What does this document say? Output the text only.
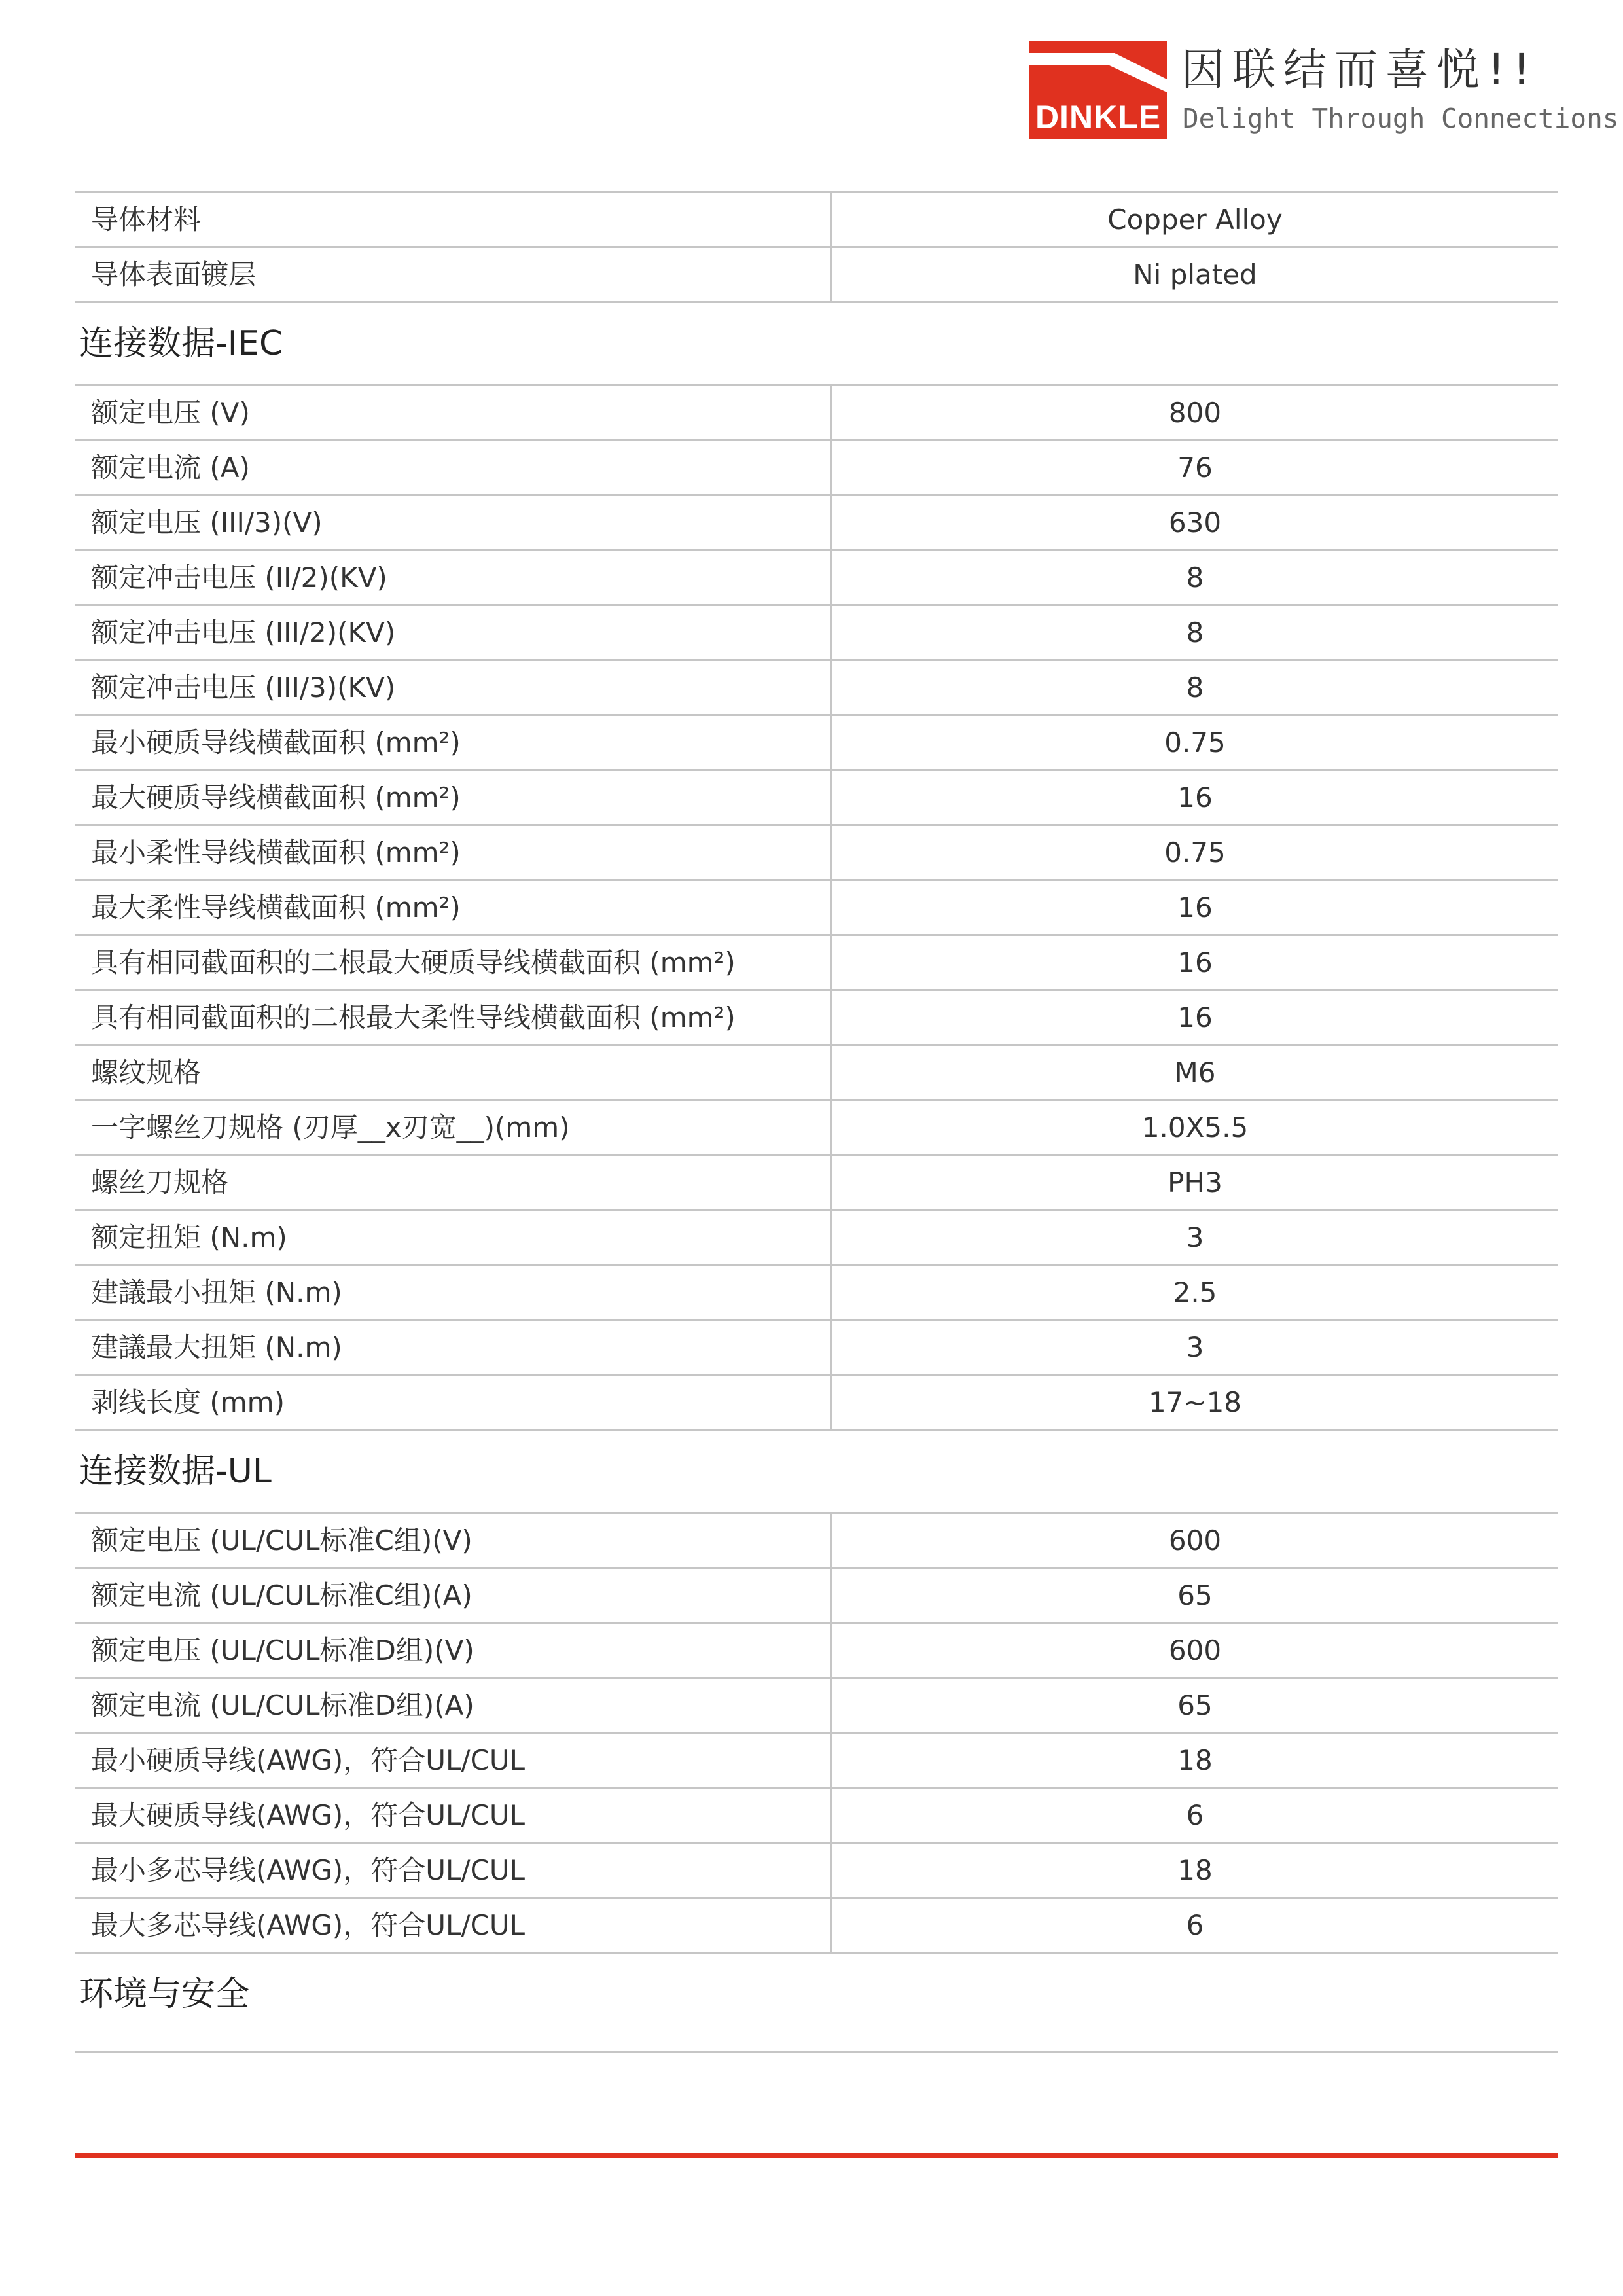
DINKLE
因联结而喜悦!!
Delight Through Connections
导体材料	Copper Alloy
导体表面镀层	Ni plated
连接数据-IEC
额定电压 (V)	800
额定电流 (A)	76
额定电压 (III/3)(V)	630
额定冲击电压 (II/2)(KV)	8
额定冲击电压 (III/2)(KV)	8
额定冲击电压 (III/3)(KV)	8
最小硬质导线横截面积 (mm²)	0.75
最大硬质导线横截面积 (mm²)	16
最小柔性导线横截面积 (mm²)	0.75
最大柔性导线横截面积 (mm²)	16
具有相同截面积的二根最大硬质导线横截面积 (mm²)	16
具有相同截面积的二根最大柔性导线横截面积 (mm²)	16
螺纹规格	M6
一字螺丝刀规格 (刃厚__x刃宽__)(mm)	1.0X5.5
螺丝刀规格	PH3
额定扭矩 (N.m)	3
建議最小扭矩 (N.m)	2.5
建議最大扭矩 (N.m)	3
剥线长度 (mm)	17~18
连接数据-UL
额定电压 (UL/CUL标准C组)(V)	600
额定电流 (UL/CUL标准C组)(A)	65
额定电压 (UL/CUL标准D组)(V)	600
额定电流 (UL/CUL标准D组)(A)	65
最小硬质导线(AWG)，符合UL/CUL	18
最大硬质导线(AWG)，符合UL/CUL	6
最小多芯导线(AWG)，符合UL/CUL	18
最大多芯导线(AWG)，符合UL/CUL	6
环境与安全
